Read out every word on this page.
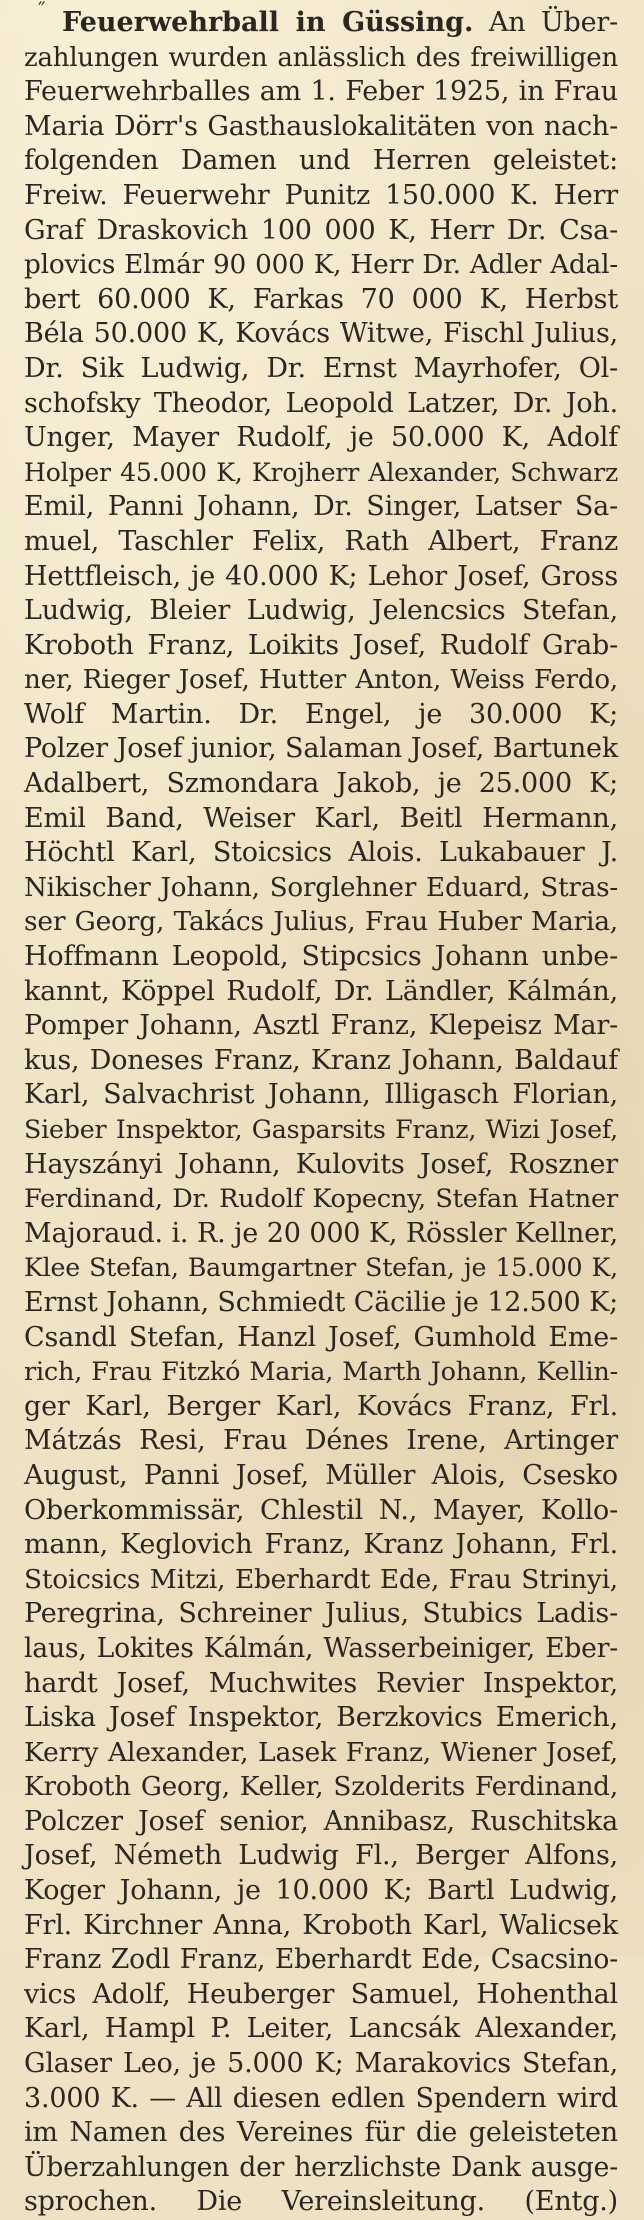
˝ Feuerwehrball in Güssing. An Über-
zahlungen wurden anlässlich des freiwilligen
Feuerwehrballes am 1. Feber 1925, in Frau
Maria Dörr's Gasthauslokalitäten von nach-
folgenden Damen und Herren geleistet:
Freiw. Feuerwehr Punitz 150.000 K. Herr
Graf Draskovich 100 000 K, Herr Dr. Csa-
plovics Elmár 90 000 K, Herr Dr. Adler Adal-
bert 60.000 K, Farkas 70 000 K, Herbst
Béla 50.000 K, Kovács Witwe, Fischl Julius,
Dr. Sik Ludwig, Dr. Ernst Mayrhofer, Ol-
schofsky Theodor, Leopold Latzer, Dr. Joh.
Unger, Mayer Rudolf, je 50.000 K, Adolf
Holper 45.000 K, Krojherr Alexander, Schwarz
Emil, Panni Johann, Dr. Singer, Latser Sa-
muel, Taschler Felix, Rath Albert, Franz
Hettfleisch, je 40.000 K; Lehor Josef, Gross
Ludwig, Bleier Ludwig, Jelencsics Stefan,
Kroboth Franz, Loikits Josef, Rudolf Grab-
ner, Rieger Josef, Hutter Anton, Weiss Ferdo,
Wolf Martin. Dr. Engel, je 30.000 K;
Polzer Josef junior, Salaman Josef, Bartunek
Adalbert, Szmondara Jakob, je 25.000 K;
Emil Band, Weiser Karl, Beitl Hermann,
Höchtl Karl, Stoicsics Alois. Lukabauer J.
Nikischer Johann, Sorglehner Eduard, Stras-
ser Georg, Takács Julius, Frau Huber Maria,
Hoffmann Leopold, Stipcsics Johann unbe-
kannt, Köppel Rudolf, Dr. Ländler, Kálmán,
Pomper Johann, Asztl Franz, Klepeisz Mar-
kus, Doneses Franz, Kranz Johann, Baldauf
Karl, Salvachrist Johann, Illigasch Florian,
Sieber Inspektor, Gasparsits Franz, Wizi Josef,
Hayszányi Johann, Kulovits Josef, Roszner
Ferdinand, Dr. Rudolf Kopecny, Stefan Hatner
Majoraud. i. R. je 20 000 K, Rössler Kellner,
Klee Stefan, Baumgartner Stefan, je 15.000 K,
Ernst Johann, Schmiedt Cäcilie je 12.500 K;
Csandl Stefan, Hanzl Josef, Gumhold Eme-
rich, Frau Fitzkó Maria, Marth Johann, Kellin-
ger Karl, Berger Karl, Kovács Franz, Frl.
Mátzás Resi, Frau Dénes Irene, Artinger
August, Panni Josef, Müller Alois, Csesko
Oberkommissär, Chlestil N., Mayer, Kollo-
mann, Keglovich Franz, Kranz Johann, Frl.
Stoicsics Mitzi, Eberhardt Ede, Frau Strinyi,
Peregrina, Schreiner Julius, Stubics Ladis-
laus, Lokites Kálmán, Wasserbeiniger, Eber-
hardt Josef, Muchwites Revier Inspektor,
Liska Josef Inspektor, Berzkovics Emerich,
Kerry Alexander, Lasek Franz, Wiener Josef,
Kroboth Georg, Keller, Szolderits Ferdinand,
Polczer Josef senior, Annibasz, Ruschitska
Josef, Németh Ludwig Fl., Berger Alfons,
Koger Johann, je 10.000 K; Bartl Ludwig,
Frl. Kirchner Anna, Kroboth Karl, Walicsek
Franz Zodl Franz, Eberhardt Ede, Csacsino-
vics Adolf, Heuberger Samuel, Hohenthal
Karl, Hampl P. Leiter, Lancsák Alexander,
Glaser Leo, je 5.000 K; Marakovics Stefan,
3.000 K. — All diesen edlen Spendern wird
im Namen des Vereines für die geleisteten
Überzahlungen der herzlichste Dank ausge-
sprochen. Die Vereinsleitung. (Entg.)
